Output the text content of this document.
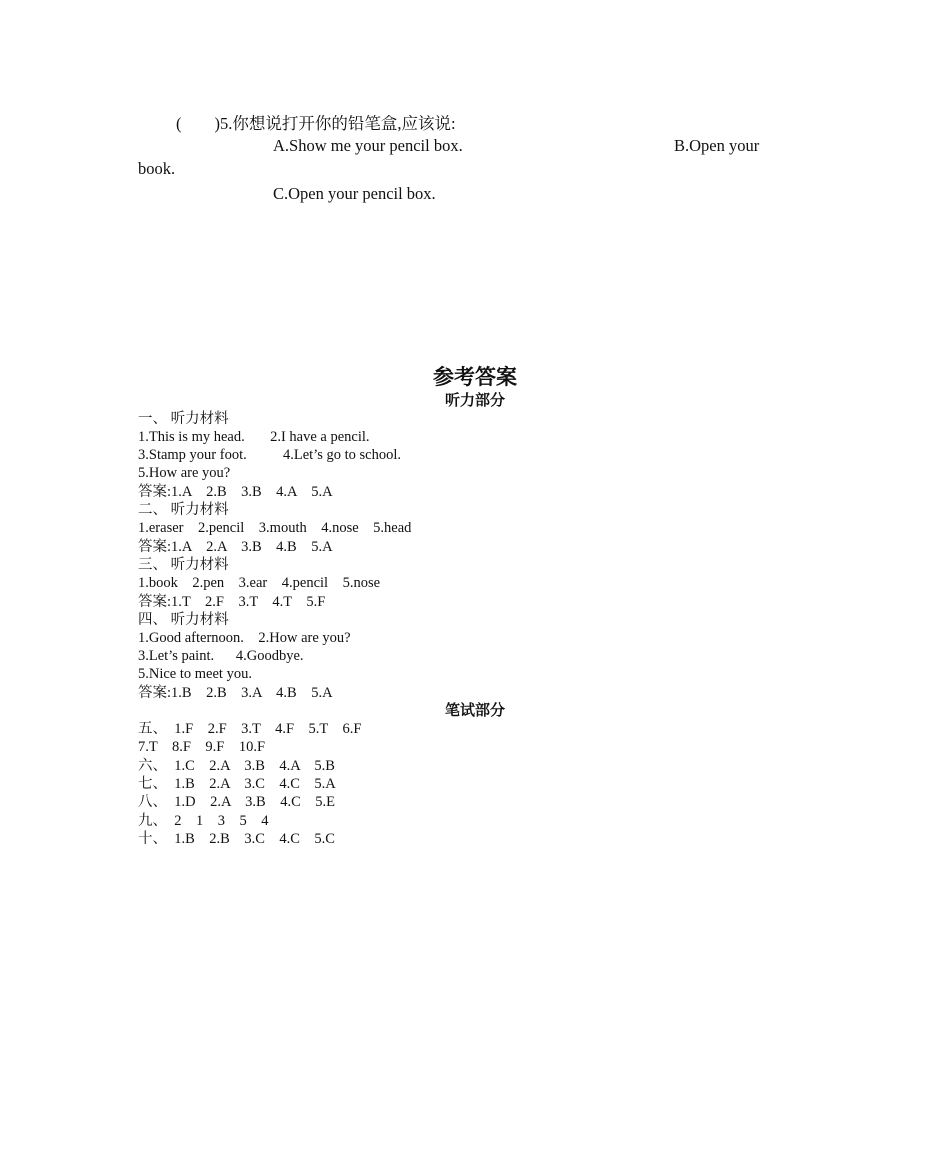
(        )5.你想说打开你的铅笔盒,应该说:
A.Show me your pencil box.	B.Open your
book.
C.Open your pencil box.
参考答案
听力部分
一、 听力材料
1.This is my head.       2.I have a pencil.
3.Stamp your foot.          4.Let’s go to school.
5.How are you?
答案:1.A    2.B    3.B    4.A    5.A
二、 听力材料
1.eraser    2.pencil    3.mouth    4.nose    5.head
答案:1.A    2.A    3.B    4.B    5.A
三、 听力材料
1.book    2.pen    3.ear    4.pencil    5.nose
答案:1.T    2.F    3.T    4.T    5.F
四、 听力材料
1.Good afternoon.    2.How are you?
3.Let’s paint.      4.Goodbye.
5.Nice to meet you.
答案:1.B    2.B    3.A    4.B    5.A
笔试部分
五、  1.F    2.F    3.T    4.F    5.T    6.F
7.T    8.F    9.F    10.F
六、  1.C    2.A    3.B    4.A    5.B
七、  1.B    2.A    3.C    4.C    5.A
八、  1.D    2.A    3.B    4.C    5.E
九、  2    1    3    5    4
十、  1.B    2.B    3.C    4.C    5.C
